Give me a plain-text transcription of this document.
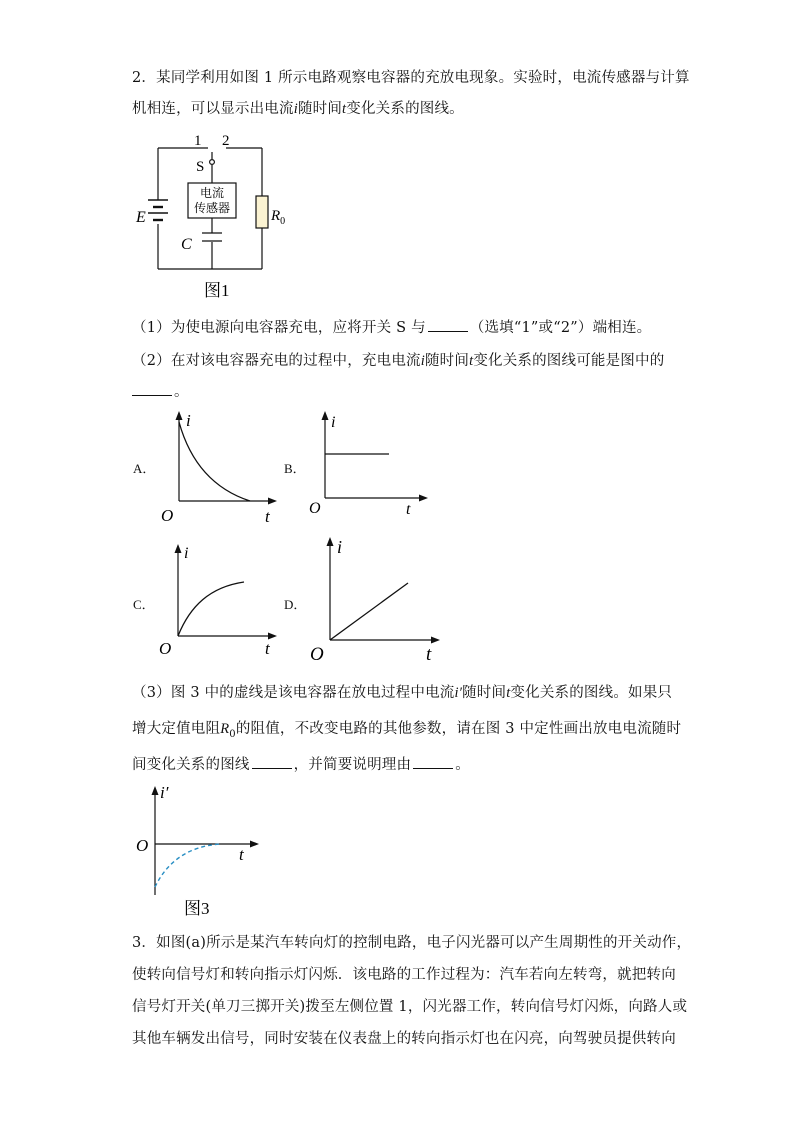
2．某同学利用如图 1 所示电路观察电容器的充放电现象。实验时，电流传感器与计算
机相连，可以显示出电流i随时间t变化关系的图线。
1 2
S
电流
传感器
E
C
$R_0$
图1
（1）为使电源向电容器充电，应将开关 S 与	（选填“1”或“2”）端相连。
（2）在对该电容器充电的过程中，充电电流i随时间t变化关系的图线可能是图中的
。
A．
i
O	t
B．
i
O	t
C．
i
O	t
D．
i
O	t
（3）图 3 中的虚线是该电容器在放电过程中电流i′随时间t变化关系的图线。如果只
增大定值电阻$R_0$的阻值，不改变电路的其他参数，请在图 3 中定性画出放电电流随时
间变化关系的图线	，并简要说明理由	。
i′
O	t
图3
3．如图(a)所示是某汽车转向灯的控制电路，电子闪光器可以产生周期性的开关动作，
使转向信号灯和转向指示灯闪烁．该电路的工作过程为：汽车若向左转弯，就把转向
信号灯开关(单刀三掷开关)拨至左侧位置 1，闪光器工作，转向信号灯闪烁，向路人或
其他车辆发出信号，同时安装在仪表盘上的转向指示灯也在闪亮，向驾驶员提供转向
